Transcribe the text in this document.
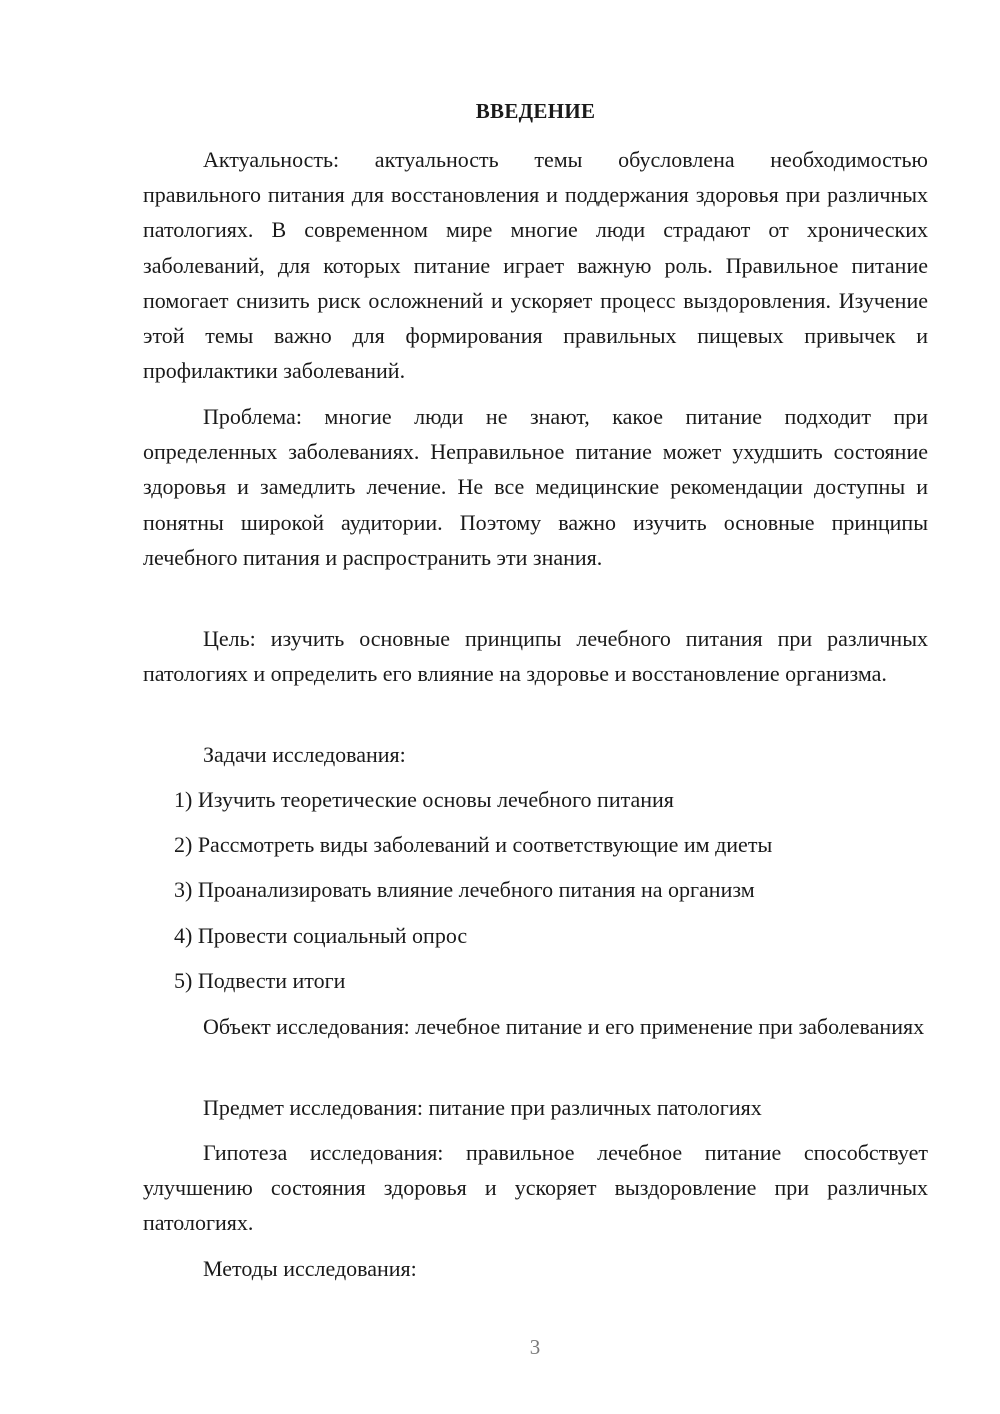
ВВЕДЕНИЕ

Актуальность: актуальность темы обусловлена необходимостью правильного питания для восстановления и поддержания здоровья при различных патологиях. В современном мире многие люди страдают от хронических заболеваний, для которых питание играет важную роль. Правильное питание помогает снизить риск осложнений и ускоряет процесс выздоровления. Изучение этой темы важно для формирования правильных пищевых привычек и профилактики заболеваний.

Проблема: многие люди не знают, какое питание подходит при определенных заболеваниях. Неправильное питание может ухудшить состояние здоровья и замедлить лечение. Не все медицинские рекомендации доступны и понятны широкой аудитории. Поэтому важно изучить основные принципы лечебного питания и распространить эти знания.

Цель: изучить основные принципы лечебного питания при различных патологиях и определить его влияние на здоровье и восстановление организма.

Задачи исследования:

1) Изучить теоретические основы лечебного питания
2) Рассмотреть виды заболеваний и соответствующие им диеты
3) Проанализировать влияние лечебного питания на организм
4) Провести социальный опрос
5) Подвести итоги

Объект исследования: лечебное питание и его применение при заболеваниях

Предмет исследования: питание при различных патологиях

Гипотеза исследования: правильное лечебное питание способствует улучшению состояния здоровья и ускоряет выздоровление при различных патологиях.

Методы исследования:

3
